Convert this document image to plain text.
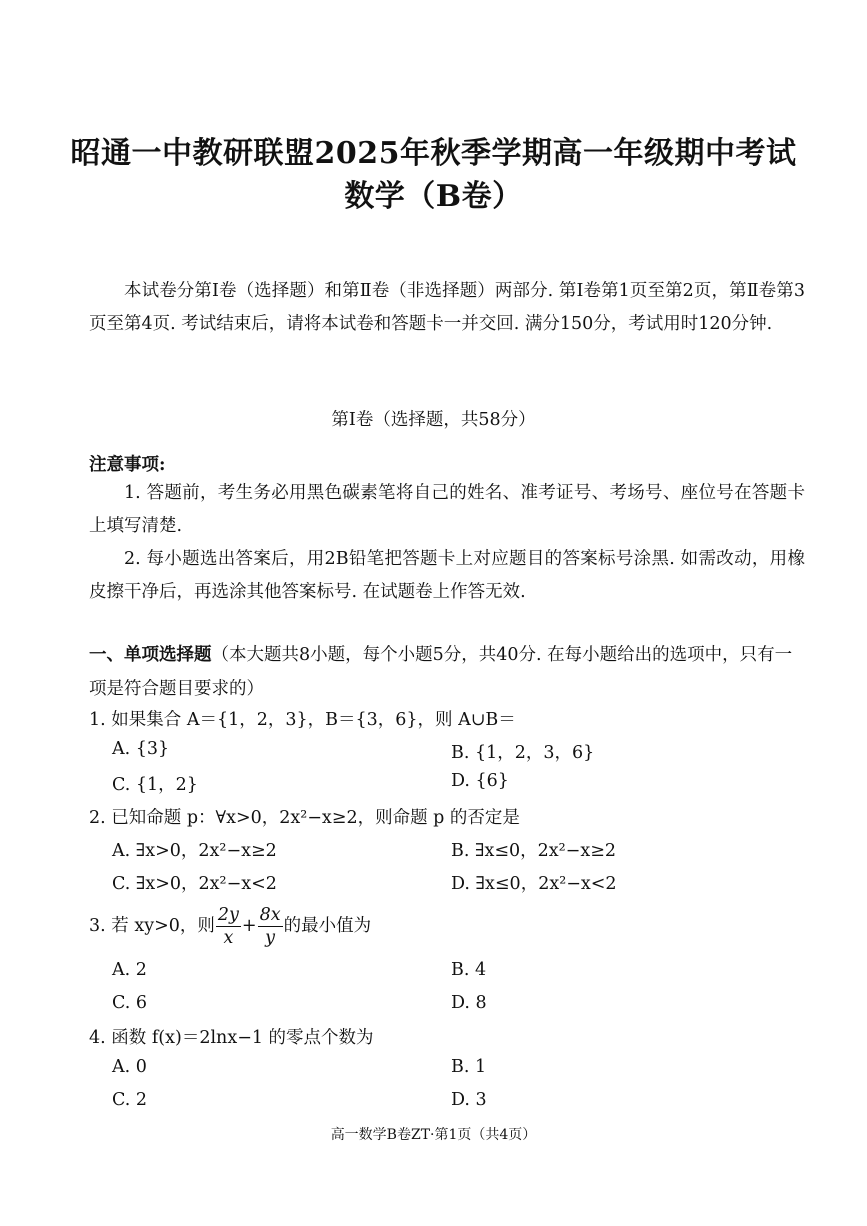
昭通一中教研联盟2025年秋季学期高一年级期中考试
数学（B卷）
本试卷分第Ⅰ卷（选择题）和第Ⅱ卷（非选择题）两部分. 第Ⅰ卷第1页至第2页，第Ⅱ卷第3页至第4页. 考试结束后，请将本试卷和答题卡一并交回. 满分150分，考试用时120分钟.
第Ⅰ卷（选择题，共58分）
注意事项:
1. 答题前，考生务必用黑色碳素笔将自己的姓名、准考证号、考场号、座位号在答题卡上填写清楚.
2. 每小题选出答案后，用2B铅笔把答题卡上对应题目的答案标号涂黑. 如需改动，用橡皮擦干净后，再选涂其他答案标号. 在试题卷上作答无效.
一、单项选择题（本大题共8小题，每个小题5分，共40分. 在每小题给出的选项中，只有一项是符合题目要求的）
1. 如果集合 A＝{1，2，3}，B＝{3，6}，则 A∪B＝
A. {3}	B. {1，2，3，6}
C. {1，2}	D. {6}
2. 已知命题 p：∀x>0，2x²−x≥2，则命题 p 的否定是
A. ∃x>0，2x²−x≥2	B. ∃x≤0，2x²−x≥2
C. ∃x>0，2x²−x<2	D. ∃x≤0，2x²−x<2
3. 若 xy>0，则 $\frac{2y}{x} + \frac{8x}{y}$ 的最小值为
A. 2	B. 4
C. 6	D. 8
4. 函数 f(x)＝2lnx−1 的零点个数为
A. 0	B. 1
C. 2	D. 3
高一数学B卷ZT·第1页（共4页）
